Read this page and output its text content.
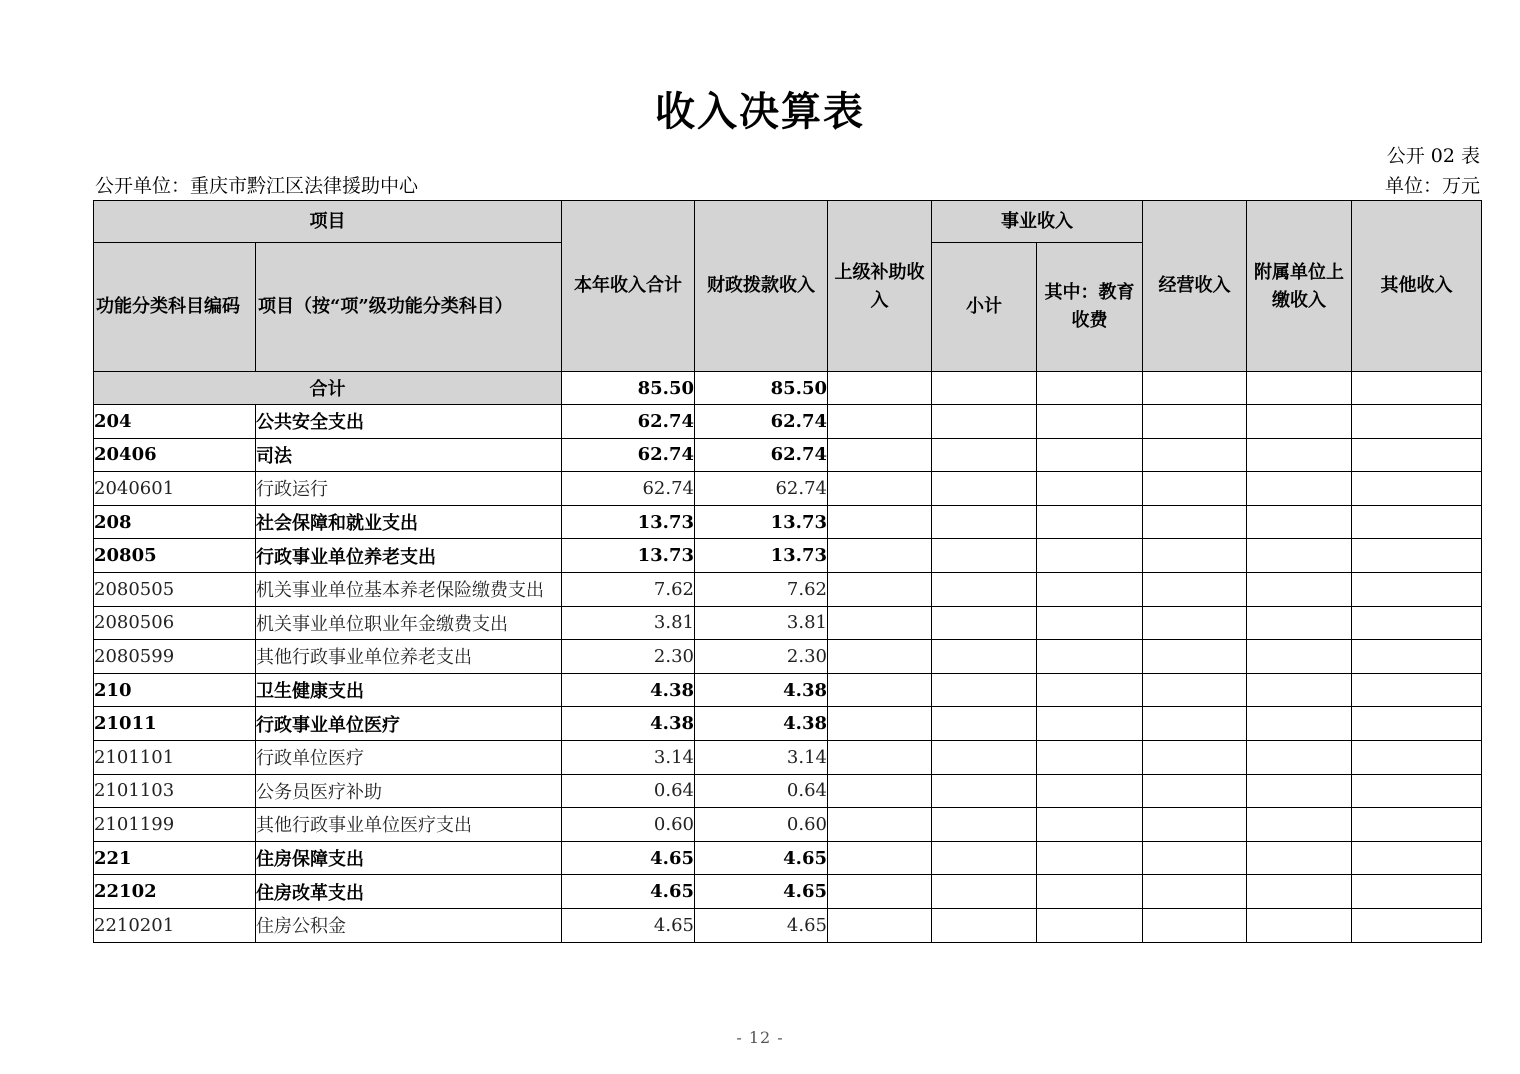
收入决算表
公开 02 表
公开单位：重庆市黔江区法律援助中心	单位：万元
项目		本年收入合计	财政拨款收入	上级补助收入	事业收入		经营收入	附属单位上缴收入	其他收入
功能分类科目编码	项目（按“项”级功能分类科目）				小计	其中：教育收费			
合计		85.50	85.50						
204	公共安全支出	62.74	62.74						
20406	司法	62.74	62.74						
2040601	行政运行	62.74	62.74						
208	社会保障和就业支出	13.73	13.73						
20805	行政事业单位养老支出	13.73	13.73						
2080505	机关事业单位基本养老保险缴费支出	7.62	7.62						
2080506	机关事业单位职业年金缴费支出	3.81	3.81						
2080599	其他行政事业单位养老支出	2.30	2.30						
210	卫生健康支出	4.38	4.38						
21011	行政事业单位医疗	4.38	4.38						
2101101	行政单位医疗	3.14	3.14						
2101103	公务员医疗补助	0.64	0.64						
2101199	其他行政事业单位医疗支出	0.60	0.60						
221	住房保障支出	4.65	4.65						
22102	住房改革支出	4.65	4.65						
2210201	住房公积金	4.65	4.65						
- 12 -
